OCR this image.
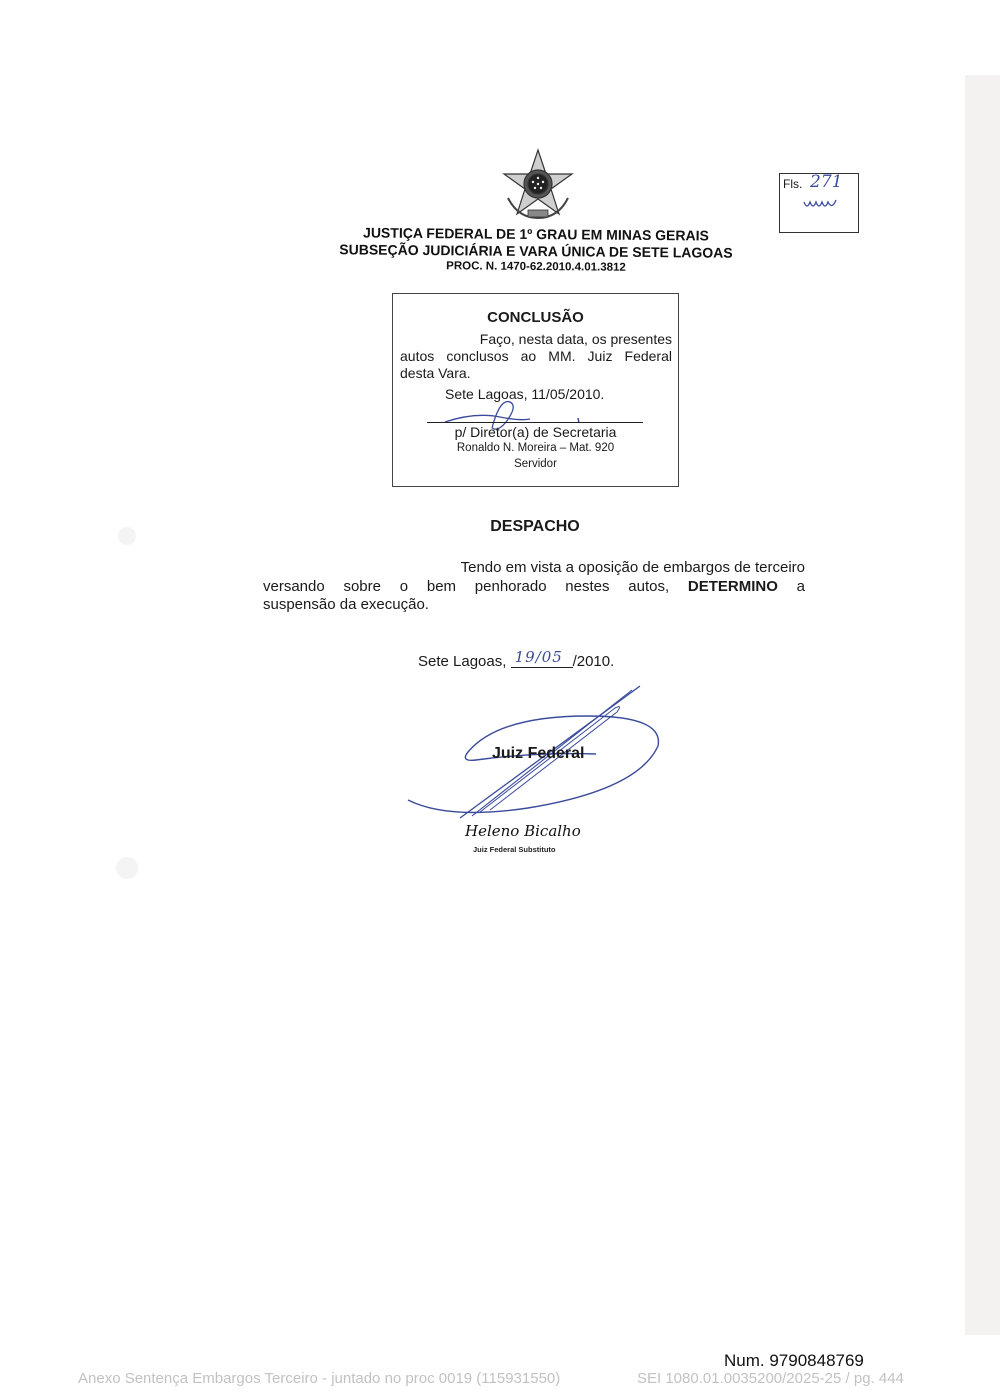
Fls. 271
JUSTIÇA FEDERAL DE 1º GRAU EM MINAS GERAIS
SUBSEÇÃO JUDICIÁRIA E VARA ÚNICA DE SETE LAGOAS
PROC. N. 1470-62.2010.4.01.3812
CONCLUSÃO
Faço, nesta data, os presentes
autos conclusos ao MM. Juiz Federal
desta Vara.
Sete Lagoas, 11/05/2010.
p/ Diretor(a) de Secretaria
Ronaldo N. Moreira – Mat. 920
Servidor
DESPACHO
Tendo em vista a oposição de embargos de terceiro
versando sobre o bem penhorado nestes autos, DETERMINO a
suspensão da execução.
Sete Lagoas, 19/05 /2010.
Juiz Federal
Heleno Bicalho
Juiz Federal Substituto
Num. 9790848769
Anexo Sentença Embargos Terceiro - juntado no proc 0019 (115931550)	SEI 1080.01.0035200/2025-25 / pg. 444
